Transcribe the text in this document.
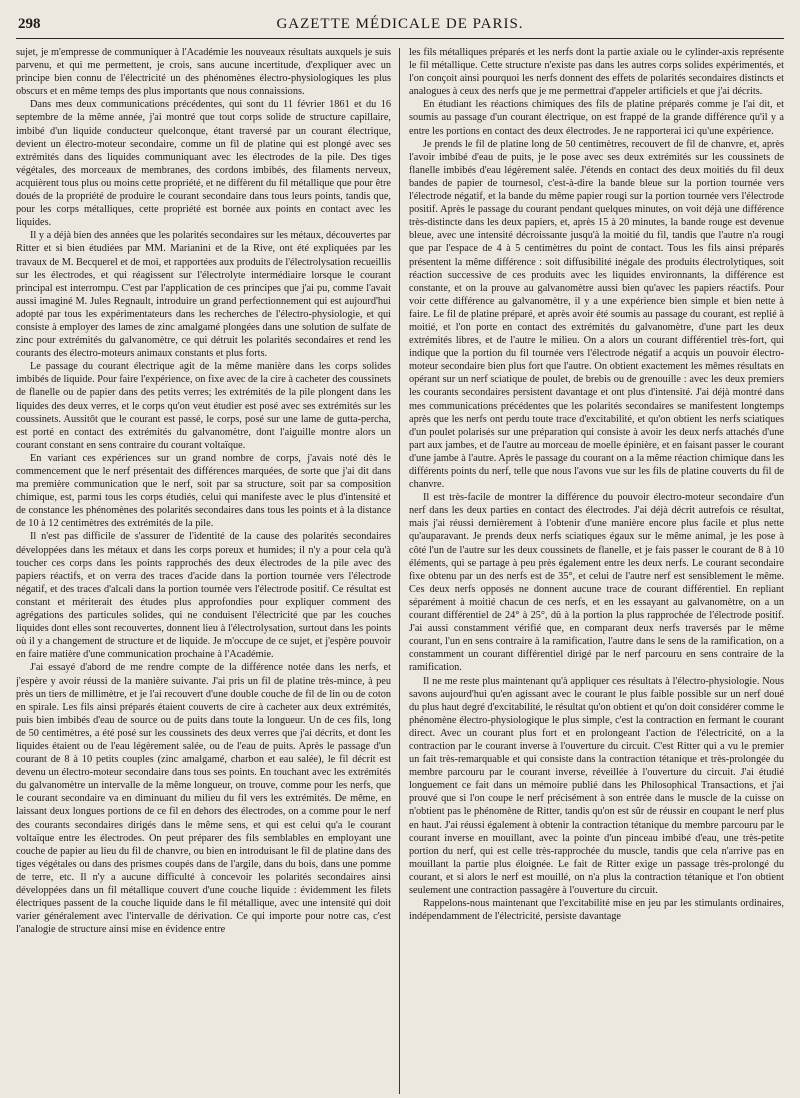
298	GAZETTE MÉDICALE DE PARIS.

sujet, je m'empresse de communiquer à l'Académie les nouveaux résultats auxquels je suis parvenu, et qui me permettent, je crois, sans aucune incertitude, d'expliquer avec un principe bien connu de l'électricité un des phénomènes électro-physiologiques les plus obscurs et en même temps des plus importants que nous connaissions.

Dans mes deux communications précédentes, qui sont du 11 février 1861 et du 16 septembre de la même année, j'ai montré que tout corps solide de structure capillaire, imbibé d'un liquide conducteur quelconque, étant traversé par un courant électrique, devient un électro-moteur secondaire, comme un fil de platine qui est plongé avec ses extrémités dans des liquides communiquant avec les électrodes de la pile. Des tiges végétales, des morceaux de membranes, des cordons imbibés, des filaments nerveux, acquièrent tous plus ou moins cette propriété, et ne diffèrent du fil métallique que pour être doués de la propriété de produire le courant secondaire dans tous leurs points, tandis que, pour les corps métalliques, cette propriété est bornée aux points en contact avec les liquides.

Il y a déjà bien des années que les polarités secondaires sur les métaux, découvertes par Ritter et si bien étudiées par MM. Marianini et de la Rive, ont été expliquées par les travaux de M. Becquerel et de moi, et rapportées aux produits de l'électrolysation recueillis sur les électrodes, et qui réagissent sur l'électrolyte intermédiaire lorsque le courant principal est interrompu. C'est par l'application de ces principes que j'ai pu, comme l'avait aussi imaginé M. Jules Regnault, introduire un grand perfectionnement qui est aujourd'hui adopté par tous les expérimentateurs dans les recherches de l'électro-physiologie, et qui consiste à employer des lames de zinc amalgamé plongées dans une solution de sulfate de zinc pour extrémités du galvanomètre, ce qui détruit les polarités secondaires et rend les courants des électro-moteurs animaux constants et plus forts.

Le passage du courant électrique agit de la même manière dans les corps solides imbibés de liquide. Pour faire l'expérience, on fixe avec de la cire à cacheter des coussinets de flanelle ou de papier dans des petits verres; les extrémités de la pile plongent dans les liquides des deux verres, et le corps qu'on veut étudier est posé avec ses extrémités sur les coussinets. Aussitôt que le courant est passé, le corps, posé sur une lame de gutta-percha, est porté en contact des extrémités du galvanomètre, dont l'aiguille montre alors un courant constant en sens contraire du courant voltaïque.

En variant ces expériences sur un grand nombre de corps, j'avais noté dès le commencement que le nerf présentait des différences marquées, de sorte que j'ai dit dans ma première communication que le nerf, soit par sa structure, soit par sa composition chimique, est, parmi tous les corps étudiés, celui qui manifeste avec le plus d'intensité et de constance les phénomènes des polarités secondaires dans tous les points et à la distance de 10 à 12 centimètres des extrémités de la pile.

Il n'est pas difficile de s'assurer de l'identité de la cause des polarités secondaires développées dans les métaux et dans les corps poreux et humides; il n'y a pour cela qu'à toucher ces corps dans les points rapprochés des deux électrodes de la pile avec des papiers réactifs, et on verra des traces d'acide dans la portion tournée vers l'électrode négatif, et des traces d'alcali dans la portion tournée vers l'électrode positif. Ce résultat est constant et mériterait des études plus approfondies pour expliquer comment des agrégations des particules solides, qui ne conduisent l'électricité que par les couches liquides dont elles sont recouvertes, donnent lieu à l'électrolysation, surtout dans les points où il y a changement de structure et de liquide. Je m'occupe de ce sujet, et j'espère pouvoir en faire matière d'une communication prochaine à l'Académie.

J'ai essayé d'abord de me rendre compte de la différence notée dans les nerfs, et j'espère y avoir réussi de la manière suivante. J'ai pris un fil de platine très-mince, à peu près un tiers de millimètre, et je l'ai recouvert d'une double couche de fil de lin ou de coton en spirale. Les fils ainsi préparés étaient couverts de cire à cacheter aux deux extrémités, puis bien imbibés d'eau de source ou de puits dans toute la longueur. Un de ces fils, long de 50 centimètres, a été posé sur les coussinets des deux verres que j'ai décrits, et dont les liquides étaient ou de l'eau légèrement salée, ou de l'eau de puits. Après le passage d'un courant de 8 à 10 petits couples (zinc amalgamé, charbon et eau salée), le fil décrit est devenu un électro-moteur secondaire dans tous ses points. En touchant avec les extrémités du galvanomètre un intervalle de la même longueur, on trouve, comme pour les nerfs, que le courant secondaire va en diminuant du milieu du fil vers les extrémités. De même, en laissant deux longues portions de ce fil en dehors des électrodes, on a comme pour le nerf des courants secondaires dirigés dans le même sens, et qui est celui qu'a le courant voltaïque entre les électrodes. On peut préparer des fils semblables en employant une couche de papier au lieu du fil de chanvre, ou bien en introduisant le fil de platine dans des tiges végétales ou dans des prismes coupés dans de l'argile, dans du bois, dans une pomme de terre, etc. Il n'y a aucune difficulté à concevoir les polarités secondaires ainsi développées dans un fil métallique couvert d'une couche liquide : évidemment les filets électriques passent de la couche liquide dans le fil métallique, avec une intensité qui doit varier généralement avec l'intervalle de dérivation. Ce qui importe pour notre cas, c'est l'analogie de structure ainsi mise en évidence entre

les fils métalliques préparés et les nerfs dont la partie axiale ou le cylinder-axis représente le fil métallique. Cette structure n'existe pas dans les autres corps solides expérimentés, et l'on conçoit ainsi pourquoi les nerfs donnent des effets de polarités secondaires distincts et analogues à ceux des nerfs que je me permettrai d'appeler artificiels et que j'ai décrits.

En étudiant les réactions chimiques des fils de platine préparés comme je l'ai dit, et soumis au passage d'un courant électrique, on est frappé de la grande différence qu'il y a entre les portions en contact des deux électrodes. Je ne rapporterai ici qu'une expérience.

Je prends le fil de platine long de 50 centimètres, recouvert de fil de chanvre, et, après l'avoir imbibé d'eau de puits, je le pose avec ses deux extrémités sur les coussinets de flanelle imbibés d'eau légèrement salée. J'étends en contact des deux moitiés du fil deux bandes de papier de tournesol, c'est-à-dire la bande bleue sur la portion tournée vers l'électrode négatif, et la bande du même papier rougi sur la portion tournée vers l'électrode positif. Après le passage du courant pendant quelques minutes, on voit déjà une différence très-distincte dans les deux papiers, et, après 15 à 20 minutes, la bande rouge est devenue bleue, avec une intensité décroissante jusqu'à la moitié du fil, tandis que l'autre n'a rougi que par l'espace de 4 à 5 centimètres du point de contact. Tous les fils ainsi préparés présentent la même différence : soit diffusibilité inégale des produits électrolytiques, soit réaction successive de ces produits avec les liquides environnants, la différence est constante, et on la prouve au galvanomètre aussi bien qu'avec les papiers réactifs. Pour voir cette différence au galvanomètre, il y a une expérience bien simple et bien nette à faire. Le fil de platine préparé, et après avoir été soumis au passage du courant, est replié à moitié, et l'on porte en contact des extrémités du galvanomètre, d'une part les deux extrémités libres, et de l'autre le milieu. On a alors un courant différentiel très-fort, qui indique que la portion du fil tournée vers l'électrode négatif a acquis un pouvoir électro-moteur secondaire bien plus fort que l'autre. On obtient exactement les mêmes résultats en opérant sur un nerf sciatique de poulet, de brebis ou de grenouille : avec les deux premiers les courants secondaires persistent davantage et ont plus d'intensité. J'ai déjà montré dans mes communications précédentes que les polarités secondaires se manifestent longtemps après que les nerfs ont perdu toute trace d'excitabilité, et qu'on obtient les nerfs sciatiques d'un poulet polarisés sur une préparation qui consiste à avoir les deux nerfs attachés d'une part aux jambes, et de l'autre au morceau de moelle épinière, et en faisant passer le courant d'une jambe à l'autre. Après le passage du courant on a la même réaction chimique dans les différents points du nerf, telle que nous l'avons vue sur les fils de platine couverts du fil de chanvre.

Il est très-facile de montrer la différence du pouvoir électro-moteur secondaire d'un nerf dans les deux parties en contact des électrodes. J'ai déjà décrit autrefois ce résultat, mais j'ai réussi dernièrement à l'obtenir d'une manière encore plus facile et plus nette qu'auparavant. Je prends deux nerfs sciatiques égaux sur le même animal, je les pose à côté l'un de l'autre sur les deux coussinets de flanelle, et je fais passer le courant de 8 à 10 éléments, qui se partage à peu près également entre les deux nerfs. Le courant secondaire fixe obtenu par un des nerfs est de 35°, et celui de l'autre nerf est sensiblement le même. Ces deux nerfs opposés ne donnent aucune trace de courant différentiel. En repliant séparément à moitié chacun de ces nerfs, et en les essayant au galvanomètre, on a un courant différentiel de 24° à 25°, dû à la portion la plus rapprochée de l'électrode positif. J'ai aussi constamment vérifié que, en comparant deux nerfs traversés par le même courant, l'un en sens contraire à la ramification, l'autre dans le sens de la ramification, on a constamment un courant différentiel dirigé par le nerf parcouru en sens contraire de la ramification.

Il ne me reste plus maintenant qu'à appliquer ces résultats à l'électro-physiologie. Nous savons aujourd'hui qu'en agissant avec le courant le plus faible possible sur un nerf doué du plus haut degré d'excitabilité, le résultat qu'on obtient et qu'on doit considérer comme le phénomène électro-physiologique le plus simple, c'est la contraction en fermant le courant direct. Avec un courant plus fort et en prolongeant l'action de l'électricité, on a la contraction par le courant inverse à l'ouverture du circuit. C'est Ritter qui a vu le premier un fait très-remarquable et qui consiste dans la contraction tétanique et très-prolongée du membre parcouru par le courant inverse, réveillée à l'ouverture du circuit. J'ai étudié longuement ce fait dans un mémoire publié dans les Philosophical Transactions, et j'ai prouvé que si l'on coupe le nerf précisément à son entrée dans le muscle de la cuisse on n'obtient pas le phénomène de Ritter, tandis qu'on est sûr de réussir en coupant le nerf plus en haut. J'ai réussi également à obtenir la contraction tétanique du membre parcouru par le courant inverse en mouillant, avec la pointe d'un pinceau imbibé d'eau, une très-petite portion du nerf, qui est celle très-rapprochée du muscle, tandis que cela n'arrive pas en mouillant la partie plus éloignée. Le fait de Ritter exige un passage très-prolongé du courant, et si alors le nerf est mouillé, on n'a plus la contraction tétanique et l'on obtient seulement une contraction passagère à l'ouverture du circuit.

Rappelons-nous maintenant que l'excitabilité mise en jeu par les stimulants ordinaires, indépendamment de l'électricité, persiste davantage
